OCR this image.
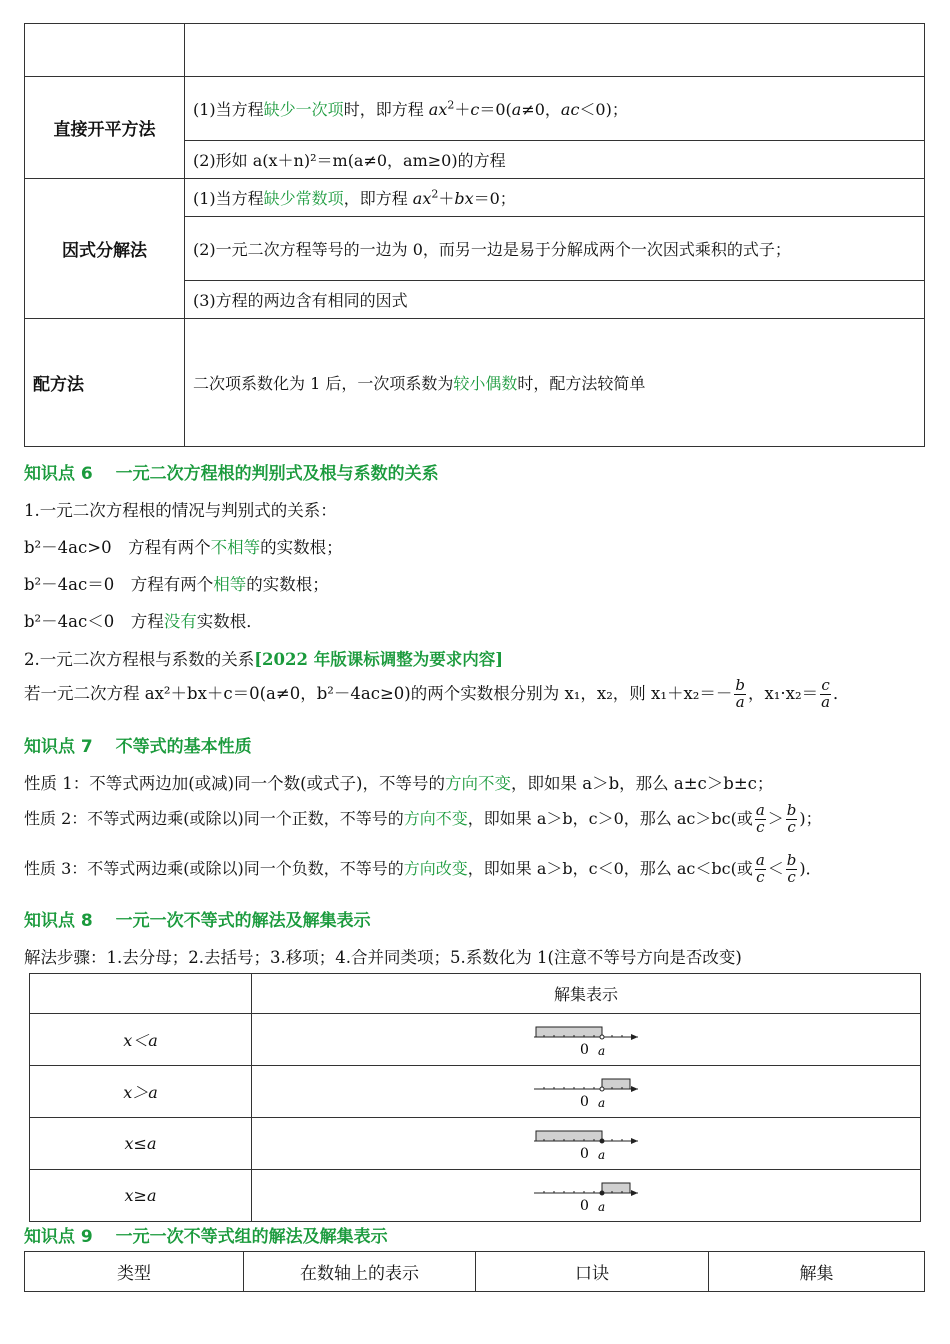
直接开平方法	(1)当方程缺少一次项时，即方程 $ax^2+c=0(a\ne 0$，ac＜0)；
	(2)形如 a(x＋n)²＝m(a≠0，am≥0)的方程
因式分解法	(1)当方程缺少常数项，即方程 $ax^2+bx=0$；
	(2)一元二次方程等号的一边为 0，而另一边是易于分解成两个一次因式乘积的式子；
	(3)方程的两边含有相同的因式
配方法	二次项系数化为 1 后，一次项系数为较小偶数时，配方法较简单
知识点 6　 一元二次方程根的判别式及根与系数的关系
1.一元二次方程根的情况与判别式的关系：
b²－4ac>0　 方程有两个不相等的实数根；
b²－4ac＝0　 方程有两个相等的实数根；
b²－4ac＜0　 方程没有实数根．
2.一元二次方程根与系数的关系[2022 年版课标调整为要求内容]
若一元二次方程 ax²＋bx＋c＝0(a≠0，b²－4ac≥0)的两个实数根分别为 x₁，x₂，则 $x_1+x_2=- \frac{b}{a}$ ，$x_1\cdot x_2= \frac{c}{a}$ ．
知识点 7　 不等式的基本性质
性质 1：不等式两边加(或减)同一个数(或式子)，不等号的方向不变，即如果 a＞b，那么 a±c＞b±c；
性质 2：不等式两边乘(或除以)同一个正数，不等号的方向不变，即如果 a＞b，c＞0，那么 ac＞bc(或 $\frac{a}{c} > \frac{b}{c}$ )；
性质 3：不等式两边乘(或除以)同一个负数，不等号的方向改变，即如果 a＞b，c＜0，那么 ac＜bc(或 $\frac{a}{c} < \frac{b}{c}$ )．
知识点 8　 一元一次不等式的解法及解集表示
解法步骤：1.去分母；2.去括号；3.移项；4.合并同类项；5.系数化为 1(注意不等号方向是否改变)
	解集表示
x＜a	0 a

x＞a	0 a

x≤a	0 a

x≥a	0 a
知识点 9　 一元一次不等式组的解法及解集表示
类型	在数轴上的表示	口诀	解集
